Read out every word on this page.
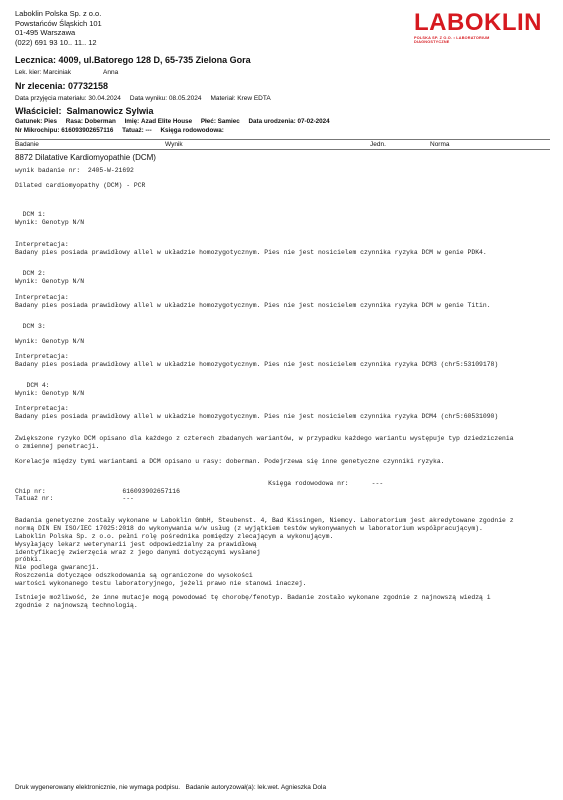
Laboklin Polska Sp. z o.o.
Powstańców Śląskich 101
01-495 Warszawa
(022) 691 93 10.. 11.. 12
LABOKLIN
POLSKA SP. Z O.O. • LABORATORIUM DIAGNOSTYCZNE
Lecznica: 4009, ul.Batorego 128 D, 65-735 Zielona Gora
Lek. kier: Marciniak	Anna
Nr zlecenia: 07732158
Data przyjęcia materiału: 30.04.2024     Data wyniku: 08.05.2024     Materiał: Krew EDTA
Właściciel:  Salmanowicz Sylwia
Gatunek: Pies Rasa: Doberman Imię: Azad Elite House Płeć: Samiec Data urodzenia: 07-02-2024
Nr Mikrochipu: 616093902657116 Tatuaż: --- Księga rodowodowa:
Badanie	Wynik	Jedn.	Norma
8872 Dilatative Kardiomyopathie (DCM)
wynik badanie nr:  2405-W-21692
Dilated cardiomyopathy (DCM) - PCR
DCM 1:
Wynik: Genotyp N/N
Interpretacja:
Badany pies posiada prawidłowy allel w układzie homozygotycznym. Pies nie jest nosicielem czynnika ryzyka DCM w genie PDK4.
DCM 2:
Wynik: Genotyp N/N
Interpretacja:
Badany pies posiada prawidłowy allel w układzie homozygotycznym. Pies nie jest nosicielem czynnika ryzyka DCM w genie Titin.
DCM 3:
Wynik: Genotyp N/N
Interpretacja:
Badany pies posiada prawidłowy allel w układzie homozygotycznym. Pies nie jest nosicielem czynnika ryzyka DCM3 (chr5:53109178)
DCM 4:
Wynik: Genotyp N/N
Interpretacja:
Badany pies posiada prawidłowy allel w układzie homozygotycznym. Pies nie jest nosicielem czynnika ryzyka DCM4 (chr5:60531090)
Zwiększone ryzyko DCM opisano dla każdego z czterech zbadanych wariantów, w przypadku każdego wariantu występuje typ dziedziczenia
o zmiennej penetracji.
Korelacje między tymi wariantami a DCM opisano u rasy: doberman. Podejrzewa się inne genetyczne czynniki ryzyka.
Księga rodowodowa nr:      ---
Chip nr:                    616093902657116
Tatuaż nr:                  ---
Badania genetyczne zostały wykonane w Laboklin GmbH, Steubenst. 4, Bad Kissingen, Niemcy. Laboratorium jest akredytowane zgodnie z
normą DIN EN ISO/IEC 17025:2018 do wykonywania w/w usług (z wyjątkiem testów wykonywanych w laboratorium współpracującym).
Laboklin Polska Sp. z o.o. pełni rolę pośrednika pomiędzy zlecającym a wykonującym.
Wysyłający lekarz weterynarii jest odpowiedzialny za prawidłową
identyfikację zwierzęcia wraz z jego danymi dotyczącymi wysłanej
próbki.
Nie podlega gwarancji.
Roszczenia dotyczące odszkodowania są ograniczone do wysokości
wartości wykonanego testu laboratoryjnego, jeżeli prawo nie stanowi inaczej.
Istnieje możliwość, że inne mutacje mogą powodować tę chorobę/fenotyp. Badanie zostało wykonane zgodnie z najnowszą wiedzą i
zgodnie z najnowszą technologią.
Druk wygenerowany elektronicznie, nie wymaga podpisu.   Badanie autoryzował(a): lek.wet. Agnieszka Dola
